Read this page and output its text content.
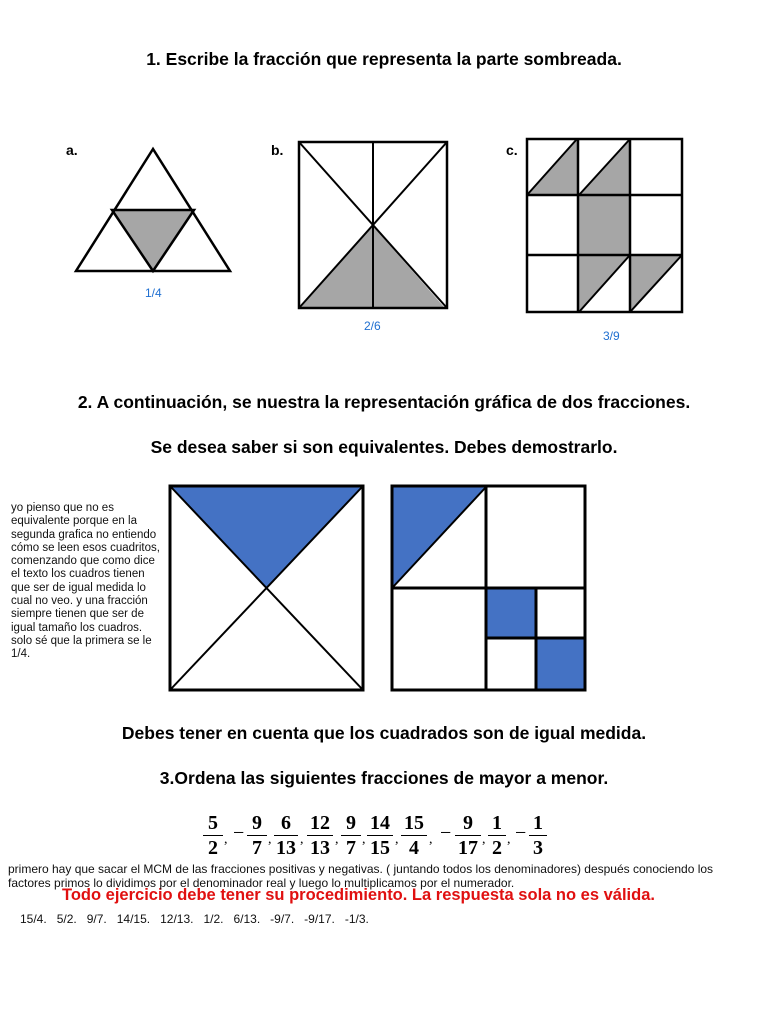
1. Escribe la fracción que representa la parte sombreada.
a.	b.	c.
1/4
2/6
3/9
2. A continuación, se nuestra la representación gráfica de dos fracciones.
Se desea saber si son equivalentes. Debes demostrarlo.
yo pienso que no es equivalente porque en la segunda grafica no entiendo cómo se leen esos cuadritos, comenzando que como dice el texto los cuadros tienen que ser de igual medida lo cual no veo. y una fracción siempre tienen que ser de igual tamaño los cuadros. solo sé que la primera se le 1/4.
Debes tener en cuenta que los cuadrados son de igual medida.
3.Ordena las siguientes fracciones de mayor a menor.
5
2 , − 9
7 ,
6
13 ,
12
13 ,
9
7 ,
14
15 ,
15
4 , − 9
17 ,
1
2 , − 1
3
Todo ejercicio debe tener su procedimiento. La respuesta sola no es válida.
primero hay que sacar el MCM de las fracciones positivas y negativas. ( juntando todos los denominadores) después conociendo los factores primos lo dividimos por el denominador real y luego lo multiplicamos por el numerador.
15/4.   5/2.   9/7.   14/15.   12/13.   1/2.   6/13.   -9/7.   -9/17.   -1/3.
